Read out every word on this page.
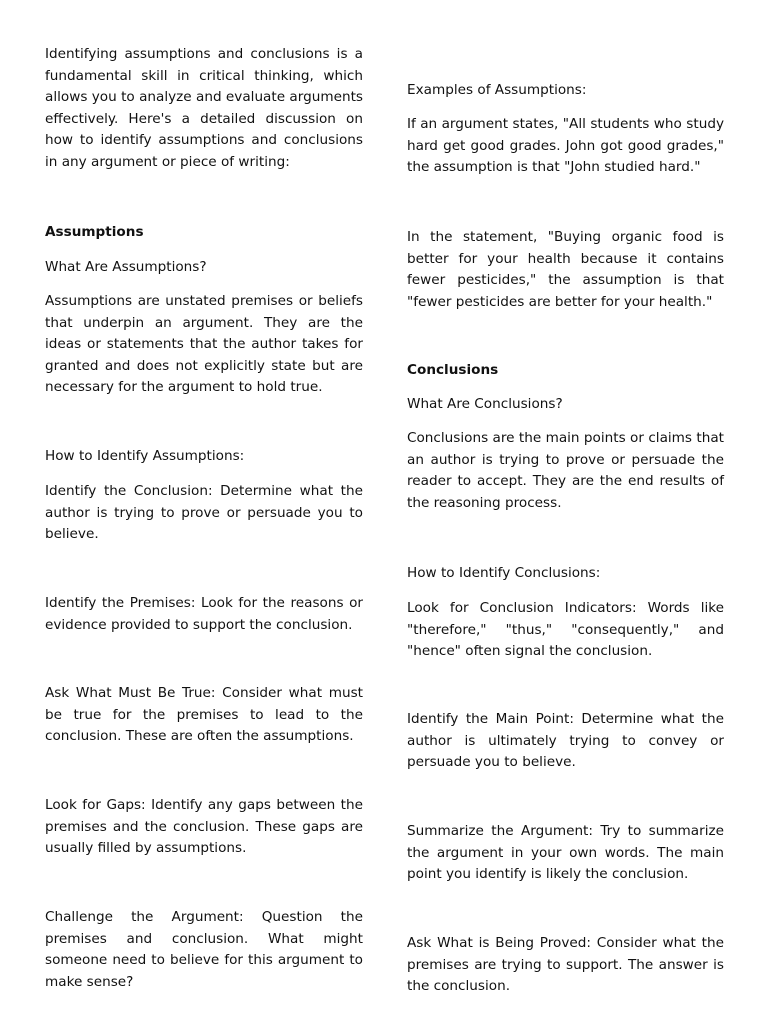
Identifying assumptions and conclusions is a fundamental skill in critical thinking, which allows you to analyze and evaluate arguments effectively. Here's a detailed discussion on how to identify assumptions and conclusions in any argument or piece of writing:

Assumptions

What Are Assumptions?

Assumptions are unstated premises or beliefs that underpin an argument. They are the ideas or statements that the author takes for granted and does not explicitly state but are necessary for the argument to hold true.

How to Identify Assumptions:

Identify the Conclusion: Determine what the author is trying to prove or persuade you to believe.

Identify the Premises: Look for the reasons or evidence provided to support the conclusion.

Ask What Must Be True: Consider what must be true for the premises to lead to the conclusion. These are often the assumptions.

Look for Gaps: Identify any gaps between the premises and the conclusion. These gaps are usually filled by assumptions.

Challenge the Argument: Question the premises and conclusion. What might someone need to believe for this argument to make sense?

Examples of Assumptions:

If an argument states, "All students who study hard get good grades. John got good grades," the assumption is that "John studied hard."

In the statement, "Buying organic food is better for your health because it contains fewer pesticides," the assumption is that "fewer pesticides are better for your health."

Conclusions

What Are Conclusions?

Conclusions are the main points or claims that an author is trying to prove or persuade the reader to accept. They are the end results of the reasoning process.

How to Identify Conclusions:

Look for Conclusion Indicators: Words like "therefore," "thus," "consequently," and "hence" often signal the conclusion.

Identify the Main Point: Determine what the author is ultimately trying to convey or persuade you to believe.

Summarize the Argument: Try to summarize the argument in your own words. The main point you identify is likely the conclusion.

Ask What is Being Proved: Consider what the premises are trying to support. The answer is the conclusion.
